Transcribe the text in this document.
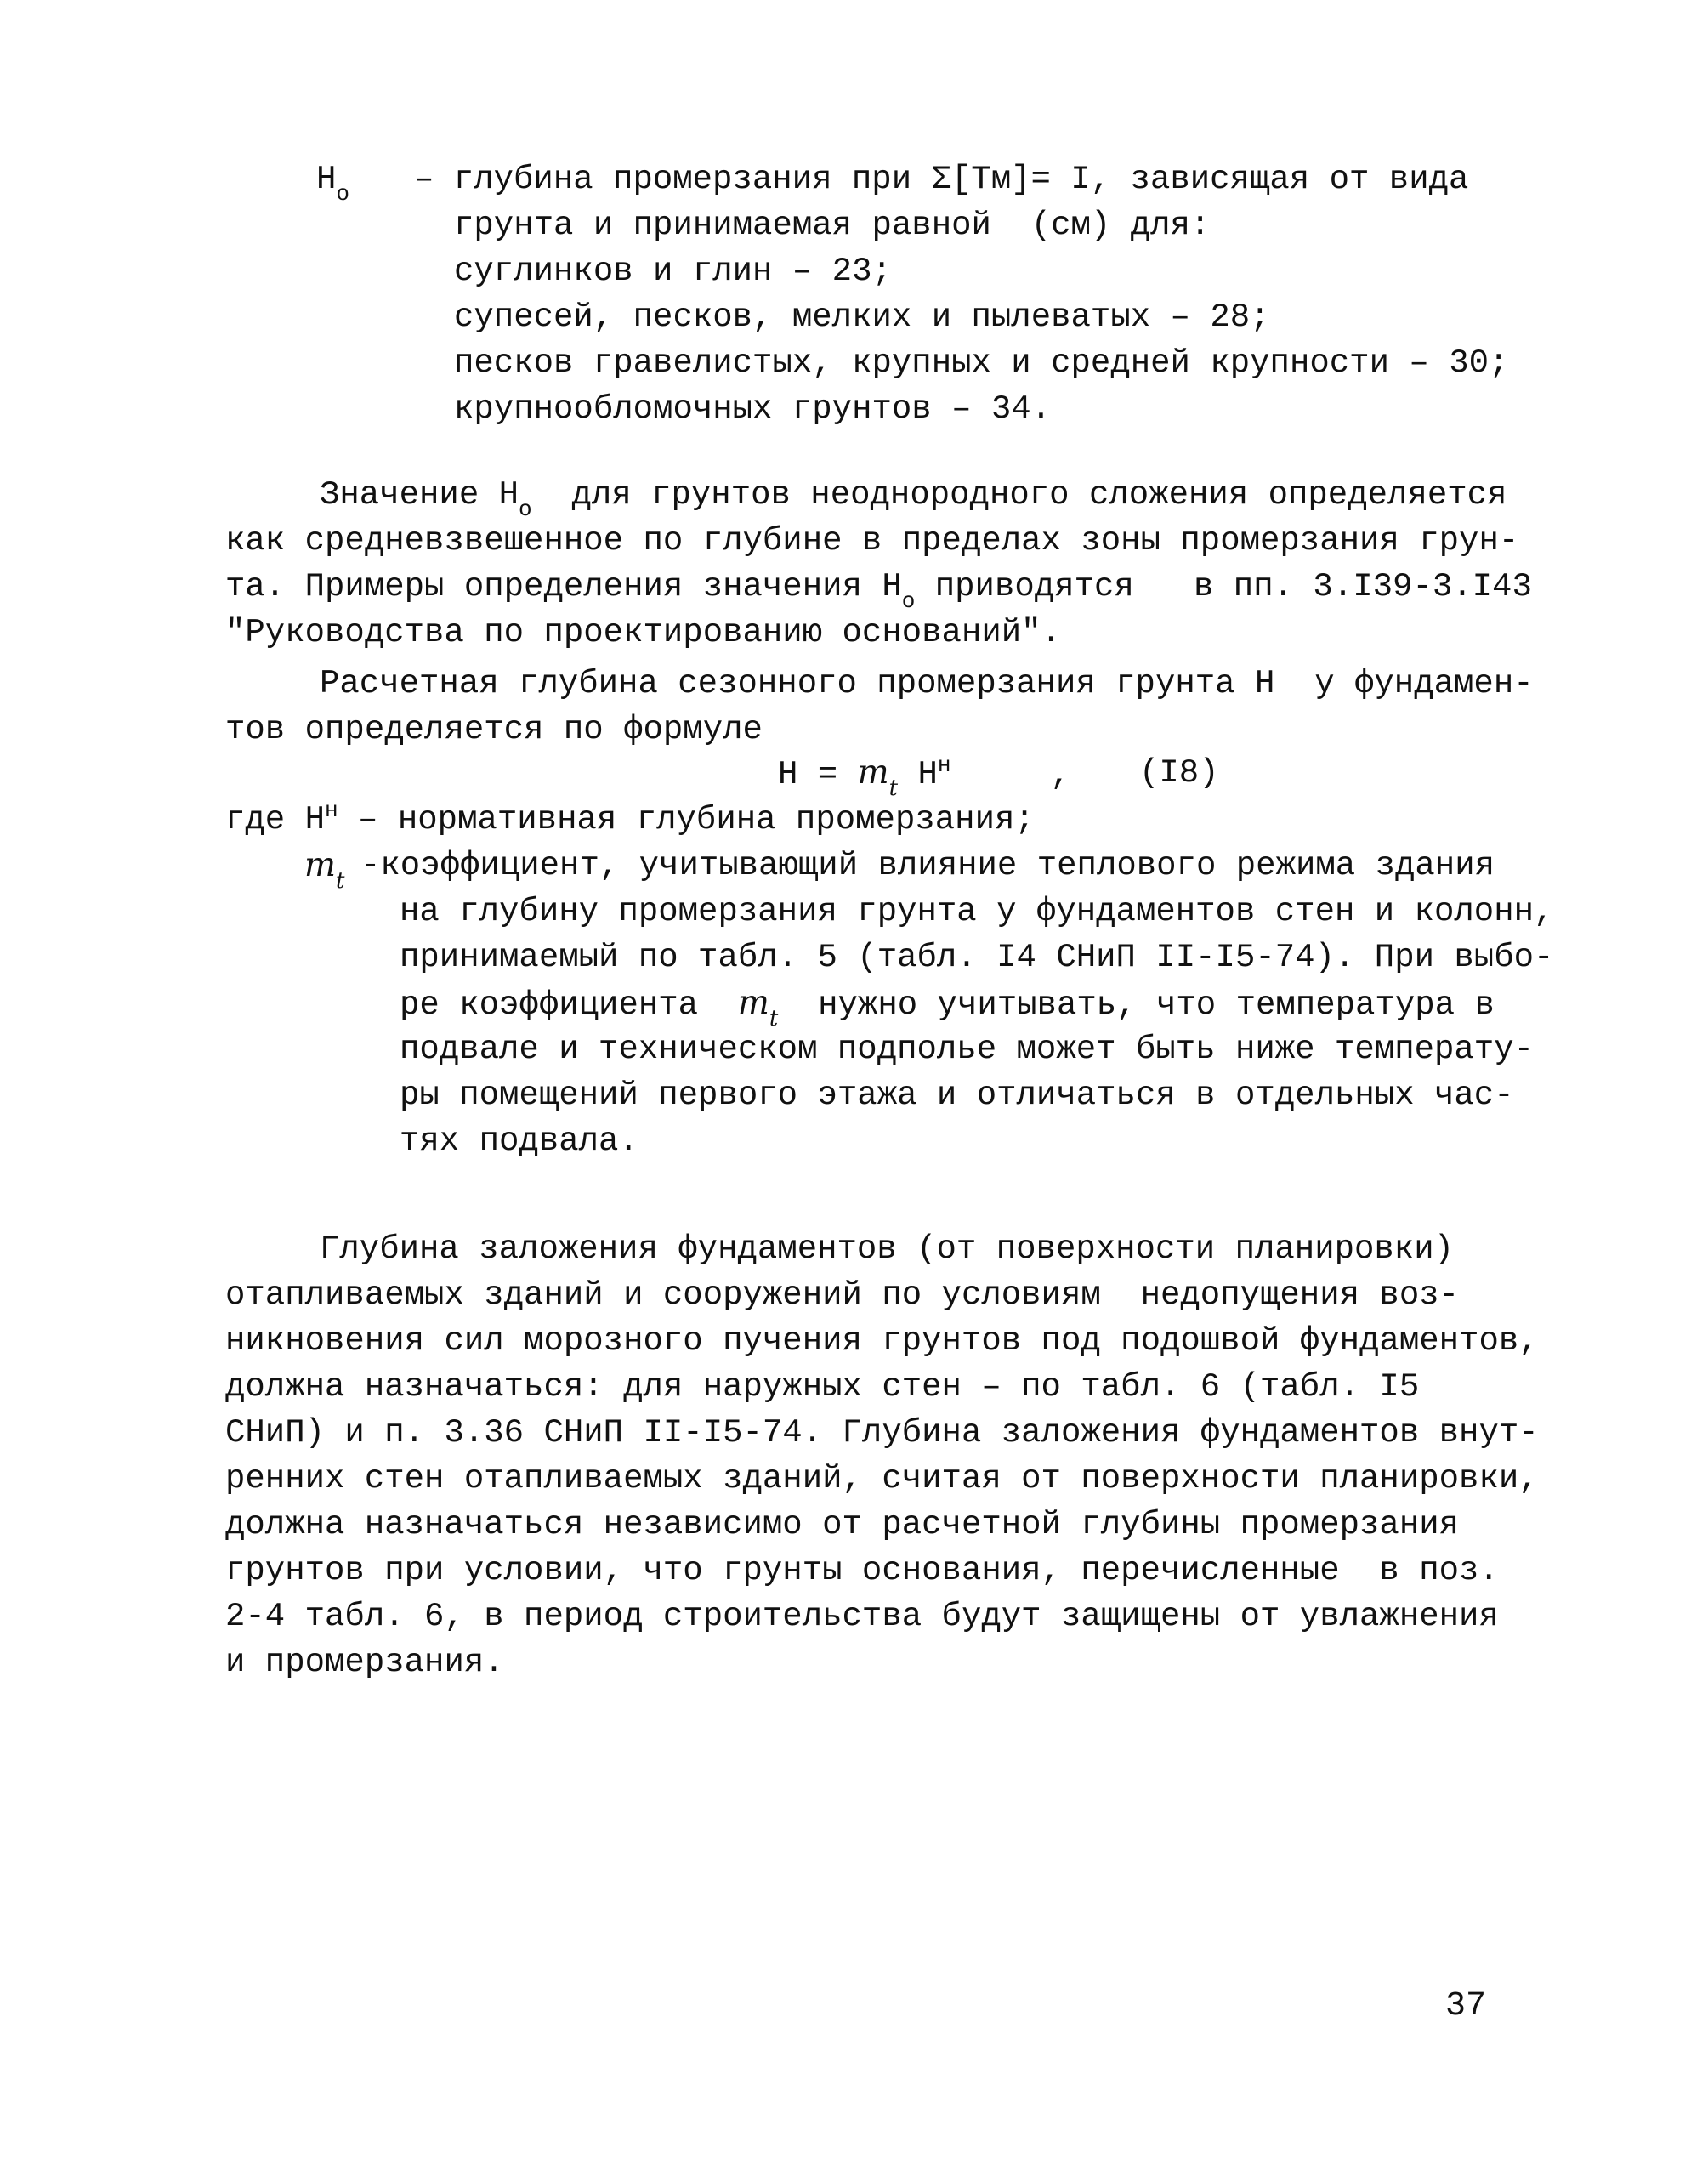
$H_o$ – глубина промерзания при Σ[Tм]= I, зависящая от вида
грунта и принимаемая равной  (см) для:
суглинков и глин – 23;
супесей, песков, мелких и пылеватых – 28;
песков гравелистых, крупных и средней крупности – 30;
крупнообломочных грунтов – 34.
Значение $H_o$  для грунтов неоднородного сложения определяется
как средневзвешенное по глубине в пределах зоны промерзания грун-
та. Примеры определения значения $H_o$ приводятся   в пп. 3.I39-3.I43
"Руководства по проектированию оснований".
Расчетная глубина сезонного промерзания грунта H  у фундамен-
тов определяется по формуле
$H = m_t$ $H^н$     , (I8)
где $H^н$ – нормативная глубина промерзания;
$m_t$ -коэффициент, учитывающий влияние теплового режима здания
на глубину промерзания грунта у фундаментов стен и колонн,
принимаемый по табл. 5 (табл. I4 СНиП II-I5-74). При выбо-
ре коэффициента  $m_t$  нужно учитывать, что температура в
подвале и техническом подполье может быть ниже температу-
ры помещений первого этажа и отличаться в отдельных час-
тях подвала.
Глубина заложения фундаментов (от поверхности планировки)
отапливаемых зданий и сооружений по условиям  недопущения воз-
никновения сил морозного пучения грунтов под подошвой фундаментов,
должна назначаться: для наружных стен – по табл. 6 (табл. I5
СНиП) и п. 3.36 СНиП II-I5-74. Глубина заложения фундаментов внут-
ренних стен отапливаемых зданий, считая от поверхности планировки,
должна назначаться независимо от расчетной глубины промерзания
грунтов при условии, что грунты основания, перечисленные  в поз.
2-4 табл. 6, в период строительства будут защищены от увлажнения
и промерзания.
37
